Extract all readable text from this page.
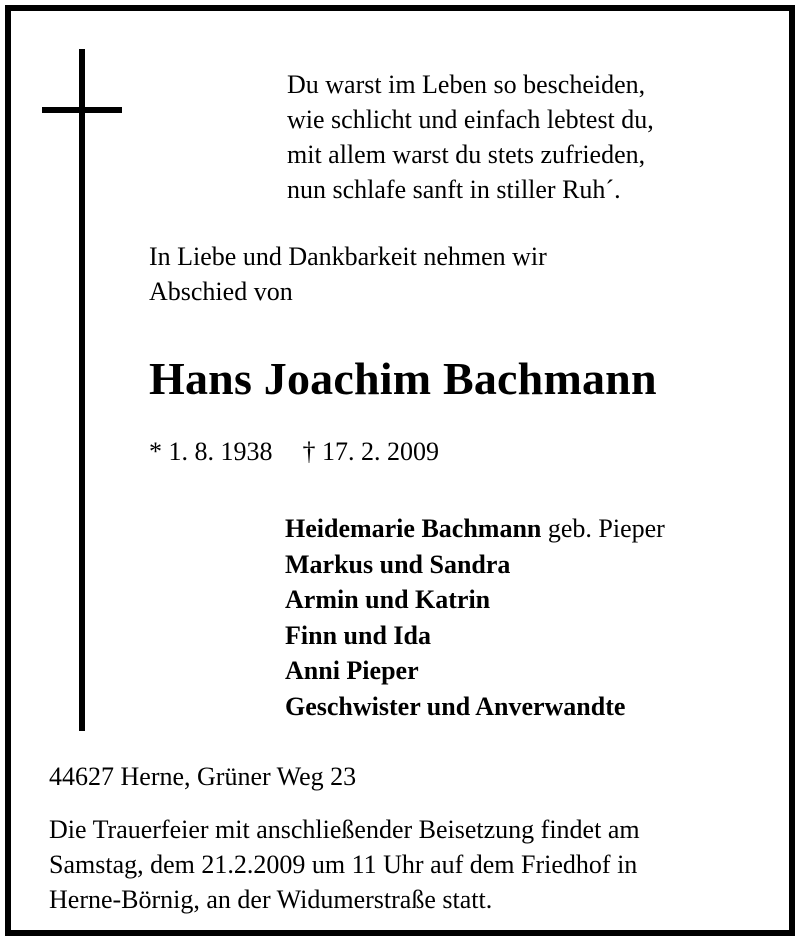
Du warst im Leben so bescheiden,
wie schlicht und einfach lebtest du,
mit allem warst du stets zufrieden,
nun schlafe sanft in stiller Ruh´.
In Liebe und Dankbarkeit nehmen wir
Abschied von
Hans Joachim Bachmann
* 1. 8. 1938 † 17. 2. 2009
Heidemarie Bachmann geb. Pieper
Markus und Sandra
Armin und Katrin
Finn und Ida
Anni Pieper
Geschwister und Anverwandte
44627 Herne, Grüner Weg 23
Die Trauerfeier mit anschließender Beisetzung findet am
Samstag, dem 21.2.2009 um 11 Uhr auf dem Friedhof in
Herne-Börnig, an der Widumerstraße statt.
